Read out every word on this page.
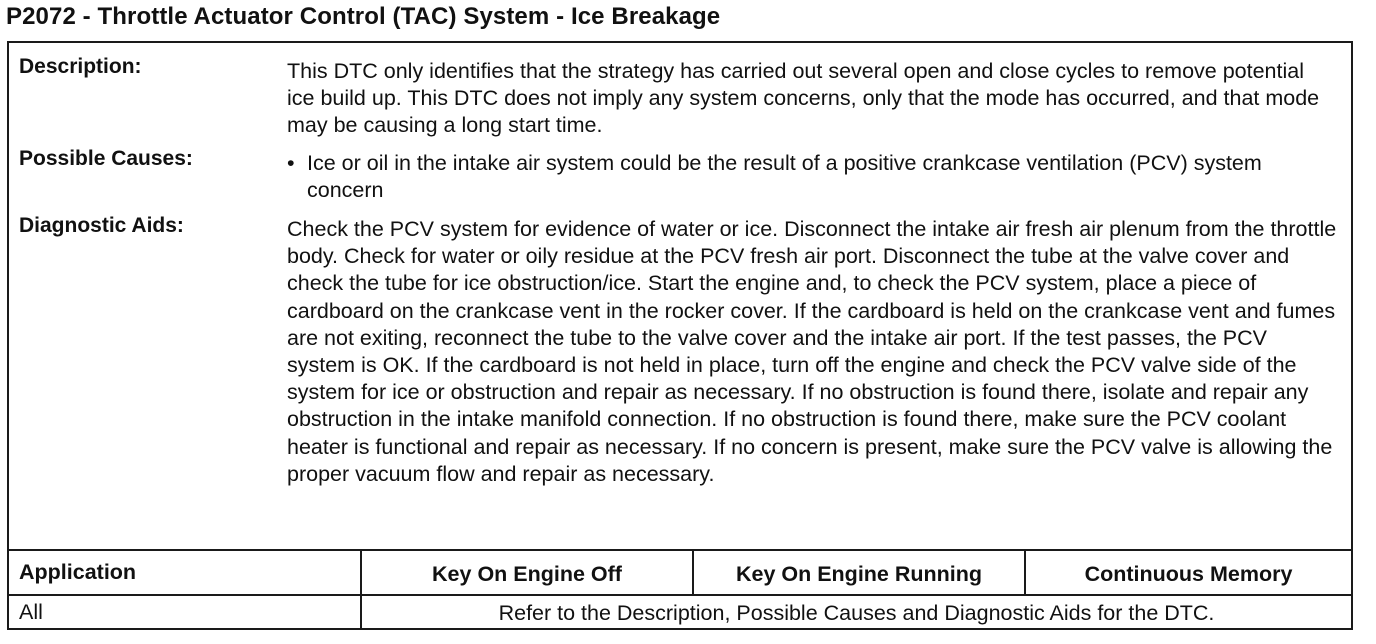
P2072 - Throttle Actuator Control (TAC) System - Ice Breakage
Description:	This DTC only identifies that the strategy has carried out several open and close cycles to remove potential ice build up. This DTC does not imply any system concerns, only that the mode has occurred, and that mode may be causing a long start time.
Possible Causes:	• Ice or oil in the intake air system could be the result of a positive crankcase ventilation (PCV) system concern
Diagnostic Aids:	Check the PCV system for evidence of water or ice. Disconnect the intake air fresh air plenum from the throttle body. Check for water or oily residue at the PCV fresh air port. Disconnect the tube at the valve cover and check the tube for ice obstruction/ice. Start the engine and, to check the PCV system, place a piece of cardboard on the crankcase vent in the rocker cover. If the cardboard is held on the crankcase vent and fumes are not exiting, reconnect the tube to the valve cover and the intake air port. If the test passes, the PCV system is OK. If the cardboard is not held in place, turn off the engine and check the PCV valve side of the system for ice or obstruction and repair as necessary. If no obstruction is found there, isolate and repair any obstruction in the intake manifold connection. If no obstruction is found there, make sure the PCV coolant heater is functional and repair as necessary. If no concern is present, make sure the PCV valve is allowing the proper vacuum flow and repair as necessary.
Application	Key On Engine Off	Key On Engine Running	Continuous Memory
All	Refer to the Description, Possible Causes and Diagnostic Aids for the DTC.
